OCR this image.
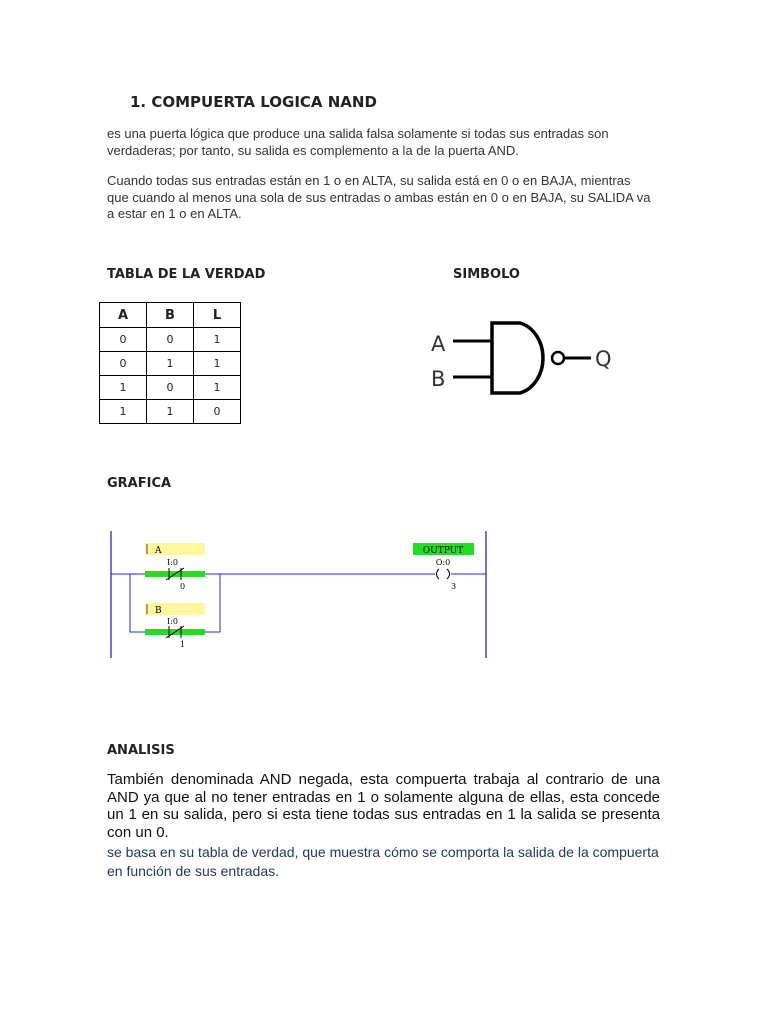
1. COMPUERTA LOGICA NAND
es una puerta lógica que produce una salida falsa solamente si todas sus entradas son verdaderas; por tanto, su salida es complemento a la de la puerta AND.
Cuando todas sus entradas están en 1 o en ALTA, su salida está en 0 o en BAJA, mientras que cuando al menos una sola de sus entradas o ambas están en 0 o en BAJA, su SALIDA va a estar en 1 o en ALTA.
TABLA DE LA VERDAD	SIMBOLO
A	B	L
0	0	1
0	1	1
1	0	1
1	1	0
A
B
Q
GRAFICA
A
I:0
0
B
I:0
1
OUTPUT
O:0
3
ANALISIS
También denominada AND negada, esta compuerta trabaja al contrario de una AND ya que al no tener entradas en 1 o solamente alguna de ellas, esta concede un 1 en su salida, pero si esta tiene todas sus entradas en 1 la salida se presenta con un 0.
se basa en su tabla de verdad, que muestra cómo se comporta la salida de la compuerta en función de sus entradas.
